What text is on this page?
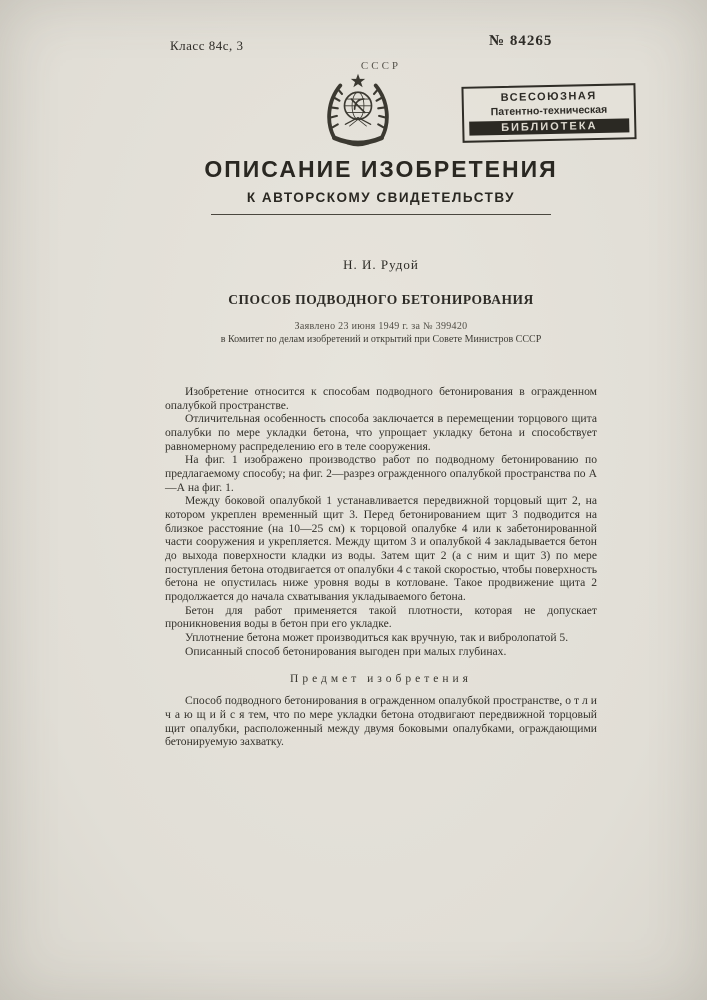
Класс 84с, 3	№ 84265
СССР
ВСЕСОЮЗНАЯ
Патентно-техническая
БИБЛИОТЕКА
ОПИСАНИЕ ИЗОБРЕТЕНИЯ
К АВТОРСКОМУ СВИДЕТЕЛЬСТВУ
Н. И. Рудой
СПОСОБ ПОДВОДНОГО БЕТОНИРОВАНИЯ
Заявлено 23 июня 1949 г. за № 399420
в Комитет по делам изобретений и открытий при Совете Министров СССР

Изобретение относится к способам подводного бетонирования в огражденном опалубкой пространстве.

Отличительная особенность способа заключается в перемещении торцового щита опалубки по мере укладки бетона, что упрощает укладку бетона и способствует равномерному распределению его в теле сооружения.

На фиг. 1 изображено производство работ по подводному бетонированию по предлагаемому способу; на фиг. 2—разрез огражденного опалубкой пространства по А—А на фиг. 1.

Между боковой опалубкой 1 устанавливается передвижной торцовый щит 2, на котором укреплен временный щит 3. Перед бетонированием щит 3 подводится на близкое расстояние (на 10—25 см) к торцовой опалубке 4 или к забетонированной части сооружения и укрепляется. Между щитом 3 и опалубкой 4 закладывается бетон до выхода поверхности кладки из воды. Затем щит 2 (а с ним и щит 3) по мере поступления бетона отодвигается от опалубки 4 с такой скоростью, чтобы поверхность бетона не опустилась ниже уровня воды в котловане. Такое продвижение щита 2 продолжается до начала схватывания укладываемого бетона.

Бетон для работ применяется такой плотности, которая не допускает проникновения воды в бетон при его укладке.

Уплотнение бетона может производиться как вручную, так и вибролопатой 5.

Описанный способ бетонирования выгоден при малых глубинах.

Предмет изобретения

Способ подводного бетонирования в огражденном опалубкой пространстве, о т л и ч а ю щ и й с я тем, что по мере укладки бетона отодвигают передвижной торцовый щит опалубки, расположенный между двумя боковыми опалубками, ограждающими бетонируемую захватку.
